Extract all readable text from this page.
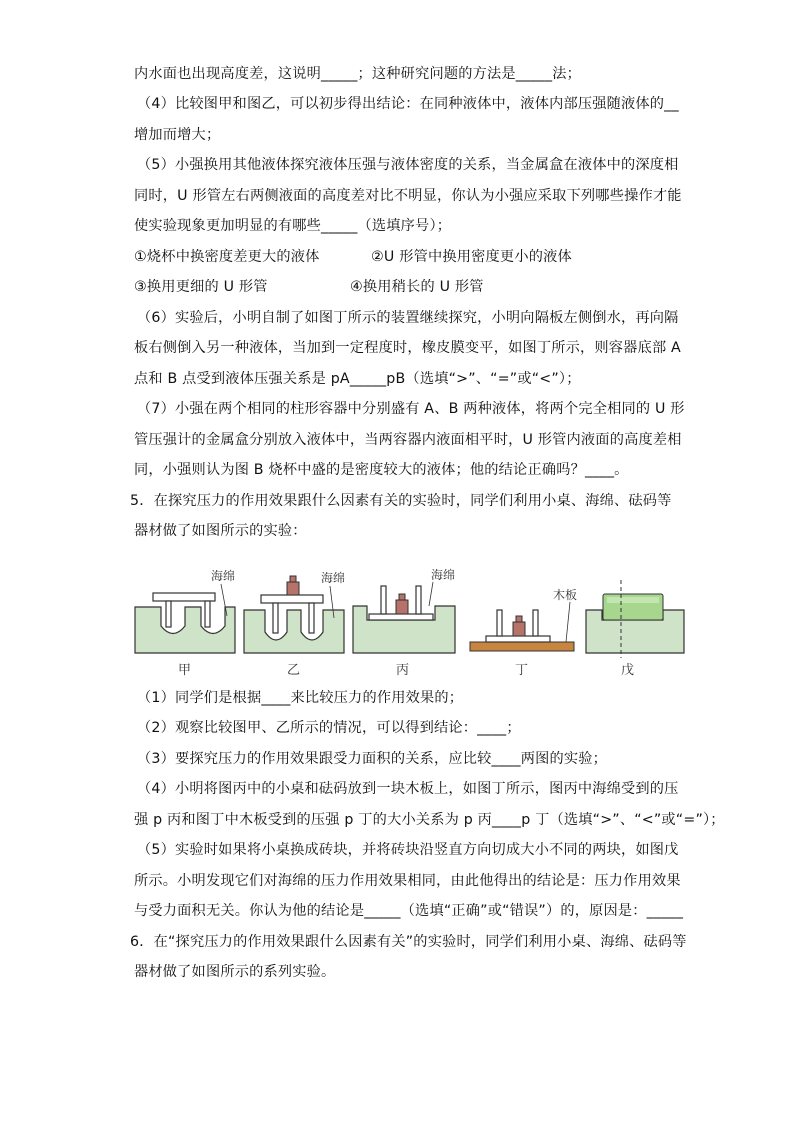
内水面也出现高度差，这说明_____；这种研究问题的方法是_____法；
（4）比较图甲和图乙，可以初步得出结论：在同种液体中，液体内部压强随液体的__
增加而增大；
（5）小强换用其他液体探究液体压强与液体密度的关系，当金属盒在液体中的深度相
同时，U 形管左右两侧液面的高度差对比不明显，你认为小强应采取下列哪些操作才能
使实验现象更加明显的有哪些_____（选填序号）；
①烧杯中换密度差更大的液体	②U 形管中换用密度更小的液体
③换用更细的 U 形管	④换用稍长的 U 形管
（6）实验后，小明自制了如图丁所示的装置继续探究，小明向隔板左侧倒水，再向隔
板右侧倒入另一种液体，当加到一定程度时，橡皮膜变平，如图丁所示，则容器底部 A
点和 B 点受到液体压强关系是 pA_____pB（选填“>”、“=”或“<”）；
（7）小强在两个相同的柱形容器中分别盛有 A、B 两种液体，将两个完全相同的 U 形
管压强计的金属盒分别放入液体中，当两容器内液面相平时，U 形管内液面的高度差相
同，小强则认为图 B 烧杯中盛的是密度较大的液体；他的结论正确吗？____。
5．在探究压力的作用效果跟什么因素有关的实验时，同学们利用小桌、海绵、砝码等
器材做了如图所示的实验：
海绵
甲
海绵
乙
海绵
丙
木板
丁	戊
（1）同学们是根据____来比较压力的作用效果的；
（2）观察比较图甲、乙所示的情况，可以得到结论：____；
（3）要探究压力的作用效果跟受力面积的关系，应比较____两图的实验；
（4）小明将图丙中的小桌和砝码放到一块木板上，如图丁所示，图丙中海绵受到的压
强 p 丙和图丁中木板受到的压强 p 丁的大小关系为 p 丙____p 丁（选填“>”、“<”或“=”）；
（5）实验时如果将小桌换成砖块，并将砖块沿竖直方向切成大小不同的两块，如图戊
所示。小明发现它们对海绵的压力作用效果相同，由此他得出的结论是：压力作用效果
与受力面积无关。你认为他的结论是_____（选填“正确”或“错误”）的，原因是：_____
6．在“探究压力的作用效果跟什么因素有关”的实验时，同学们利用小桌、海绵、砝码等
器材做了如图所示的系列实验。
